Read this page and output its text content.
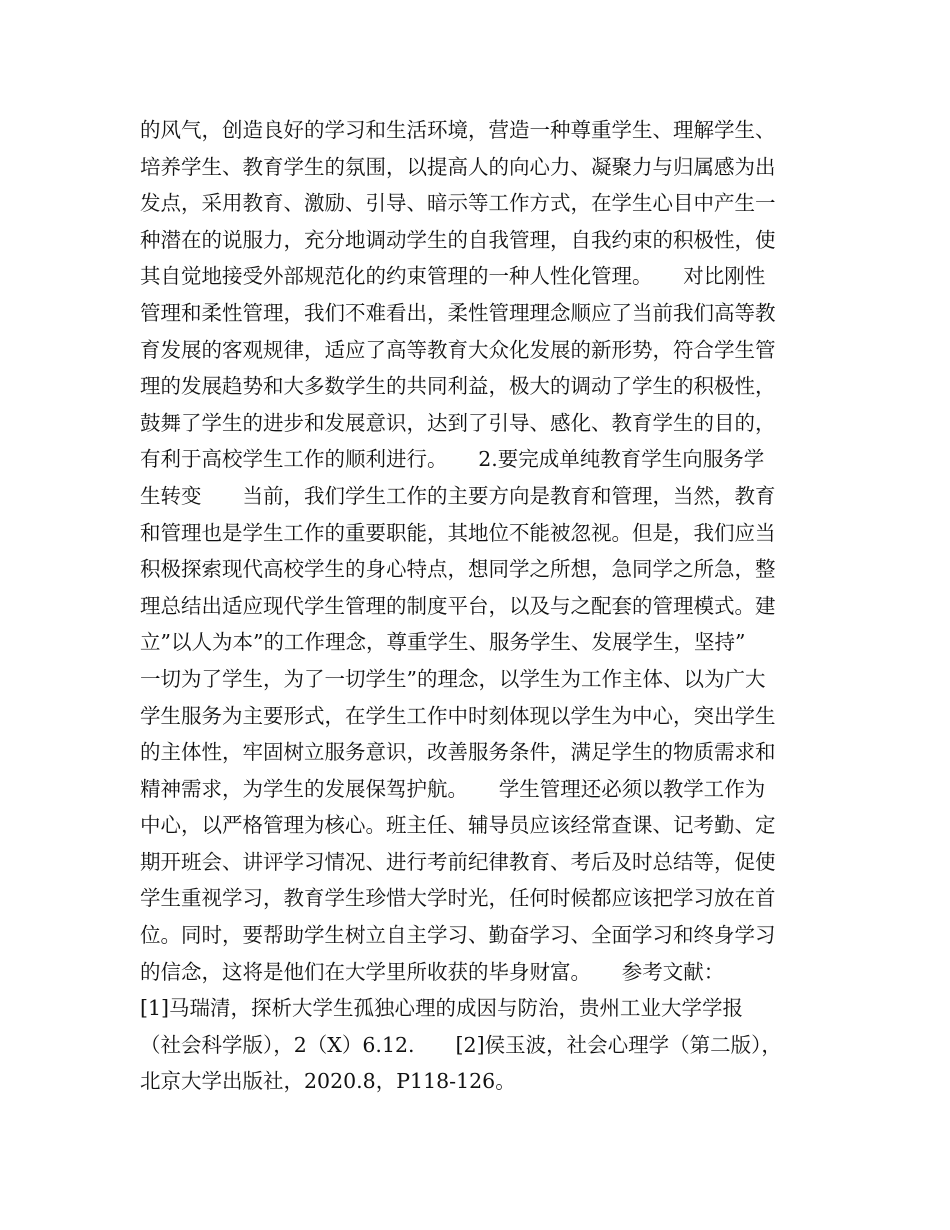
的风气，创造良好的学习和生活环境，营造一种尊重学生、理解学生、
培养学生、教育学生的氛围，以提高人的向心力、凝聚力与归属感为出
发点，采用教育、激励、引导、暗示等工作方式，在学生心目中产生一
种潜在的说服力，充分地调动学生的自我管理，自我约束的积极性，使
其自觉地接受外部规范化的约束管理的一种人性化管理。　　对比刚性
管理和柔性管理，我们不难看出，柔性管理理念顺应了当前我们高等教
育发展的客观规律，适应了高等教育大众化发展的新形势，符合学生管
理的发展趋势和大多数学生的共同利益，极大的调动了学生的积极性，
鼓舞了学生的进步和发展意识，达到了引导、感化、教育学生的目的，
有利于高校学生工作的顺利进行。　　2.要完成单纯教育学生向服务学
生转变　　当前，我们学生工作的主要方向是教育和管理，当然，教育
和管理也是学生工作的重要职能，其地位不能被忽视。但是，我们应当
积极探索现代高校学生的身心特点，想同学之所想，急同学之所急，整
理总结出适应现代学生管理的制度平台，以及与之配套的管理模式。建
立”以人为本”的工作理念，尊重学生、服务学生、发展学生，坚持”
一切为了学生，为了一切学生”的理念，以学生为工作主体、以为广大
学生服务为主要形式，在学生工作中时刻体现以学生为中心，突出学生
的主体性，牢固树立服务意识，改善服务条件，满足学生的物质需求和
精神需求，为学生的发展保驾护航。　　学生管理还必须以教学工作为
中心，以严格管理为核心。班主任、辅导员应该经常查课、记考勤、定
期开班会、讲评学习情况、进行考前纪律教育、考后及时总结等，促使
学生重视学习，教育学生珍惜大学时光，任何时候都应该把学习放在首
位。同时，要帮助学生树立自主学习、勤奋学习、全面学习和终身学习
的信念，这将是他们在大学里所收获的毕身财富。　　参考文献：
[1]马瑞清，探析大学生孤独心理的成因与防治，贵州工业大学学报
（社会科学版），2（X）6.12.　　[2]侯玉波，社会心理学（第二版），
北京大学出版社，2020.8，P118-126。
